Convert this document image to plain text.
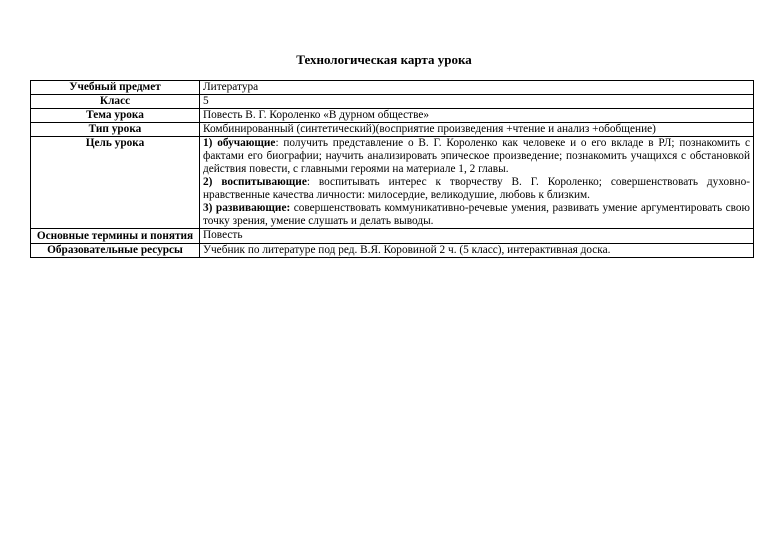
Технологическая карта урока
Учебный предмет	Литература
Класс	5
Тема урока	Повесть В. Г. Короленко «В дурном обществе»
Тип урока	Комбинированный (синтетический)(восприятие произведения +чтение и анализ +обобщение)
Цель урока	1) обучающие: получить представление о В. Г. Короленко как человеке и о его вкладе в РЛ; познакомить с фактами его биографии; научить анализировать эпическое произведение; познакомить учащихся с обстановкой действия повести, с главными героями на материале 1, 2 главы.
2) воспитывающие: воспитывать интерес к творчеству В. Г. Короленко; совершенствовать духовно-нравственные качества личности: милосердие, великодушие, любовь к близким.
3) развивающие: совершенствовать коммуникативно-речевые умения, развивать умение аргументировать свою точку зрения, умение слушать и делать выводы.

Основные термины и понятия	Повесть
Образовательные ресурсы	Учебник по литературе под ред. В.Я. Коровиной 2 ч. (5 класс), интерактивная доска.
